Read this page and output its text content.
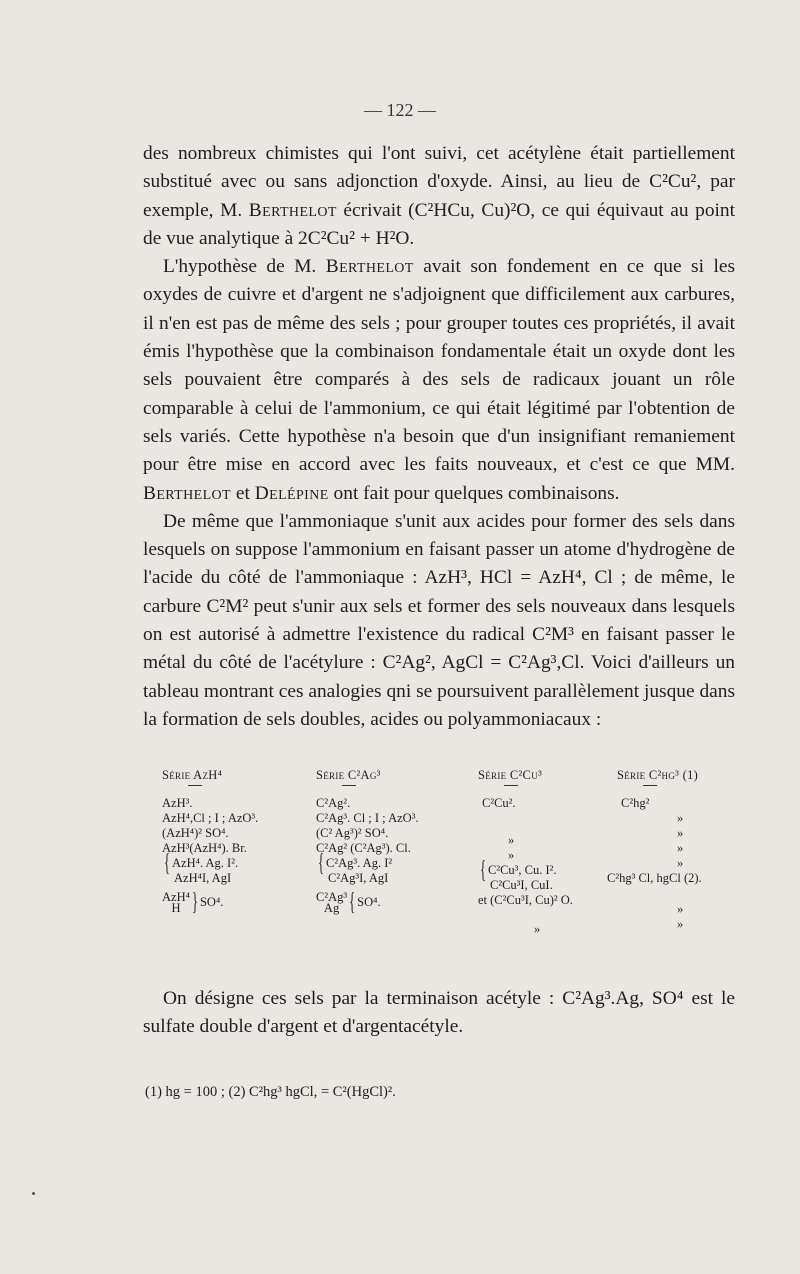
— 122 —

des nombreux chimistes qui l'ont suivi, cet acétylène était partiellement substitué avec ou sans adjonction d'oxyde. Ainsi, au lieu de C²Cu², par exemple, M. Berthelot écrivait (C²HCu, Cu)²O, ce qui équivaut au point de vue analytique à 2C²Cu² + H²O.

L'hypothèse de M. Berthelot avait son fondement en ce que si les oxydes de cuivre et d'argent ne s'adjoignent que difficilement aux carbures, il n'en est pas de même des sels ; pour grouper toutes ces propriétés, il avait émis l'hypothèse que la combinaison fondamentale était un oxyde dont les sels pouvaient être comparés à des sels de radicaux jouant un rôle comparable à celui de l'ammonium, ce qui était légitimé par l'obtention de sels variés. Cette hypothèse n'a besoin que d'un insignifiant remaniement pour être mise en accord avec les faits nouveaux, et c'est ce que MM. Berthelot et Delépine ont fait pour quelques combinaisons.

De même que l'ammoniaque s'unit aux acides pour former des sels dans lesquels on suppose l'ammonium en faisant passer un atome d'hydrogène de l'acide du côté de l'ammoniaque : AzH³, HCl = AzH⁴, Cl ; de même, le carbure C²M² peut s'unir aux sels et former des sels nouveaux dans lesquels on est autorisé à admettre l'existence du radical C²M³ en faisant passer le métal du côté de l'acétylure : C²Ag², AgCl = C²Ag³,Cl. Voici d'ailleurs un tableau montrant ces analogies qni se poursuivent parallèlement jusque dans la formation de sels doubles, acides ou polyammoniacaux :

Série AzH⁴
AzH³.
AzH⁴,Cl ; I ; AzO³.
(AzH⁴)² SO⁴.
AzH³(AzH⁴). Br.
{ AzH⁴. Ag. I².
AzH⁴I, AgI
AzH⁴
H } SO⁴.
Série C²Ag³
C²Ag².
C²Ag³. Cl ; I ; AzO³.
(C² Ag³)² SO⁴.
C²Ag² (C²Ag³). Cl.
{ C²Ag³. Ag. I²
C²Ag³I, AgI
C²Ag³
Ag { SO⁴.
Série C²Cu³
C²Cu².
»
»
{ C²Cu³, Cu. I².
C²Cu³I, CuI.
et (C²Cu³I, Cu)² O.
»
Série C²hg³ (1)
C²hg²
»
»
»
»
C²hg³ Cl, hgCl (2).
»
»

On désigne ces sels par la terminaison acétyle : C²Ag³.Ag, SO⁴ est le sulfate double d'argent et d'argentacétyle.

(1) hg = 100 ; (2) C²hg³ hgCl, = C²(HgCl)².
